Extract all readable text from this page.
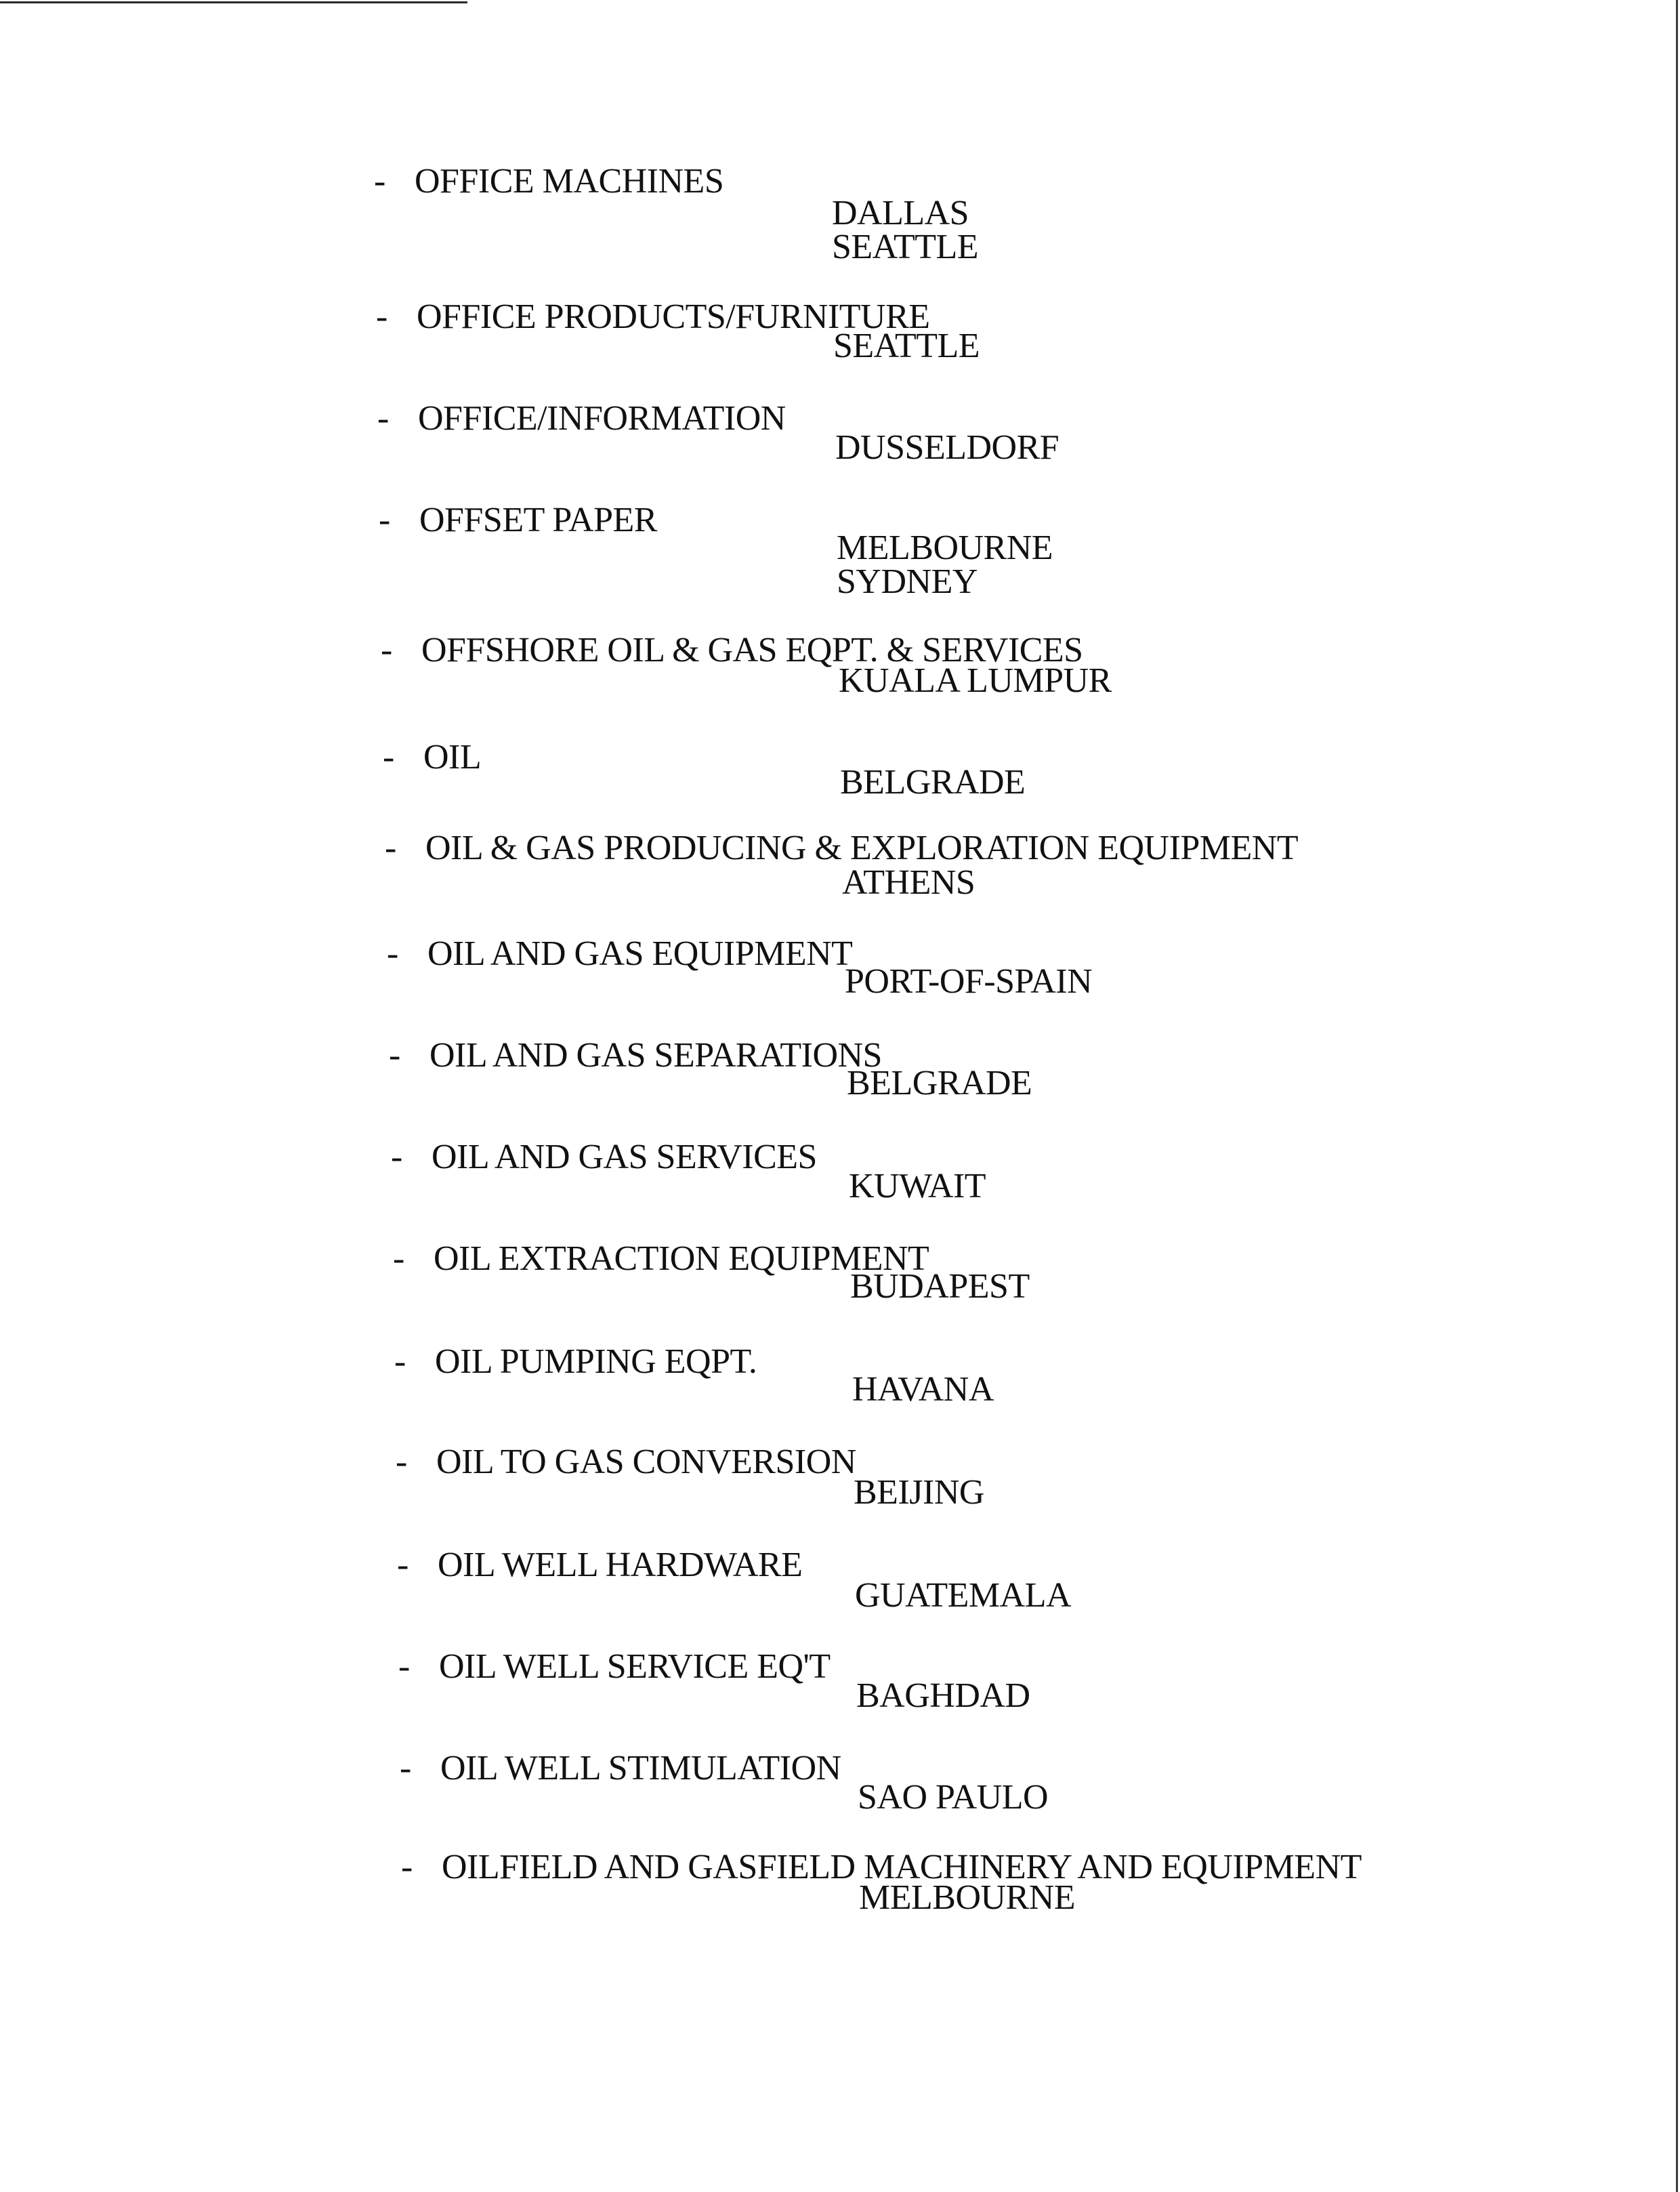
- OFFICE MACHINES
DALLAS
SEATTLE
- OFFICE PRODUCTS/FURNITURE
SEATTLE
- OFFICE/INFORMATION
DUSSELDORF
- OFFSET PAPER
MELBOURNE
SYDNEY
- OFFSHORE OIL & GAS EQPT. & SERVICES
KUALA LUMPUR
- OIL
BELGRADE
- OIL & GAS PRODUCING & EXPLORATION EQUIPMENT
ATHENS
- OIL AND GAS EQUIPMENT
PORT-OF-SPAIN
- OIL AND GAS SEPARATIONS
BELGRADE
- OIL AND GAS SERVICES
KUWAIT
- OIL EXTRACTION EQUIPMENT
BUDAPEST
- OIL PUMPING EQPT.
HAVANA
- OIL TO GAS CONVERSION
BEIJING
- OIL WELL HARDWARE
GUATEMALA
- OIL WELL SERVICE EQ'T
BAGHDAD
- OIL WELL STIMULATION
SAO PAULO
- OILFIELD AND GASFIELD MACHINERY AND EQUIPMENT
MELBOURNE
